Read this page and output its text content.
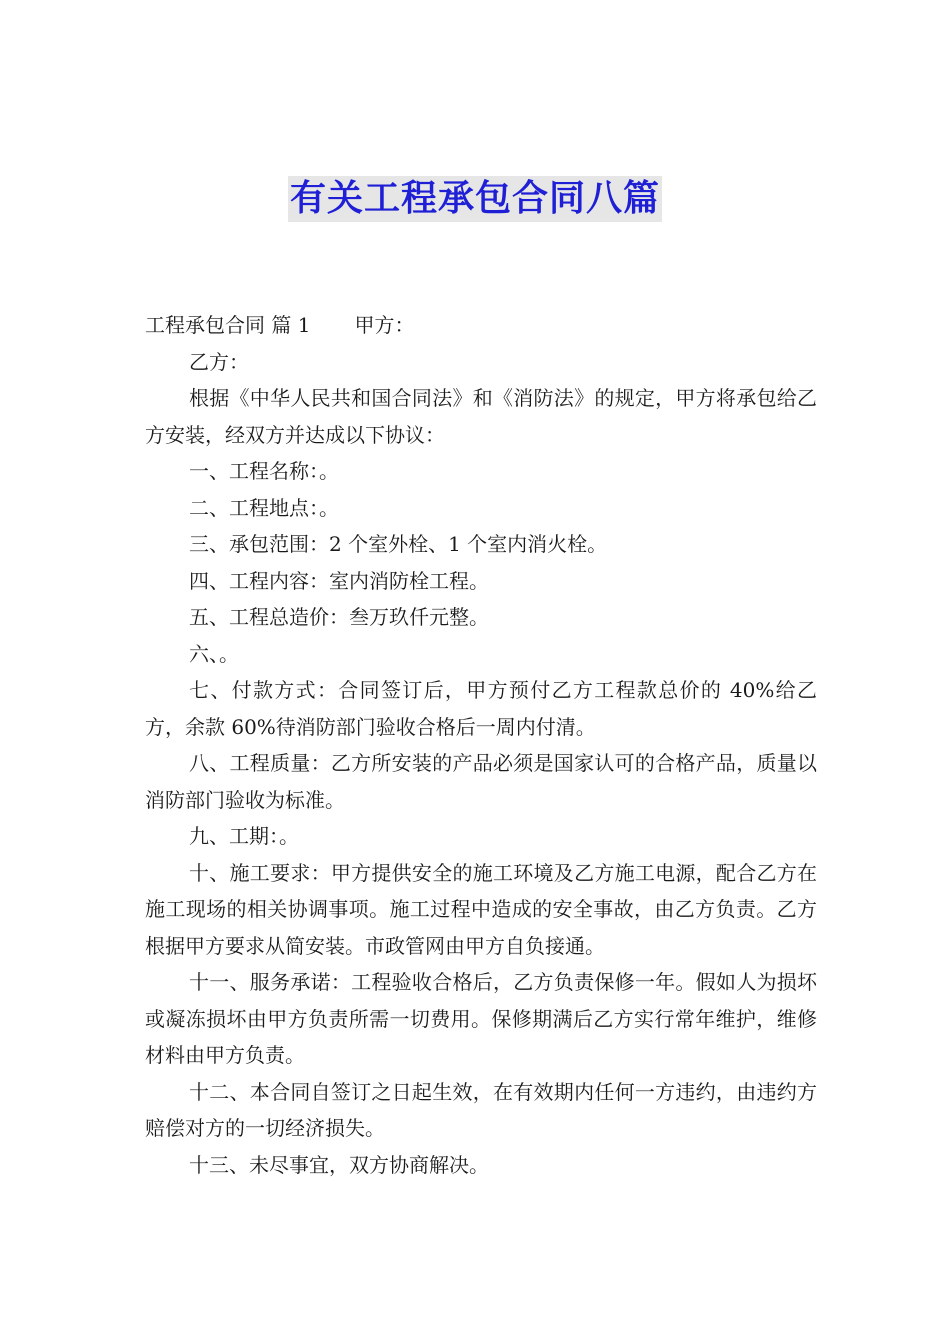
有关工程承包合同八篇

工程承包合同 篇 1 甲方：

乙方：

根据《中华人民共和国合同法》和《消防法》的规定，甲方将承包给乙方安装，经双方并达成以下协议：

一、工程名称：。

二、工程地点：。

三、承包范围：2 个室外栓、1 个室内消火栓。

四、工程内容：室内消防栓工程。

五、工程总造价：叁万玖仟元整。

六、。

七、付款方式：合同签订后，甲方预付乙方工程款总价的 40%给乙方，余款 60%待消防部门验收合格后一周内付清。

八、工程质量：乙方所安装的产品必须是国家认可的合格产品，质量以消防部门验收为标准。

九、工期：。

十、施工要求：甲方提供安全的施工环境及乙方施工电源，配合乙方在施工现场的相关协调事项。施工过程中造成的安全事故，由乙方负责。乙方根据甲方要求从简安装。市政管网由甲方自负接通。

十一、服务承诺：工程验收合格后，乙方负责保修一年。假如人为损坏或凝冻损坏由甲方负责所需一切费用。保修期满后乙方实行常年维护，维修材料由甲方负责。

十二、本合同自签订之日起生效，在有效期内任何一方违约，由违约方赔偿对方的一切经济损失。

十三、未尽事宜，双方协商解决。
